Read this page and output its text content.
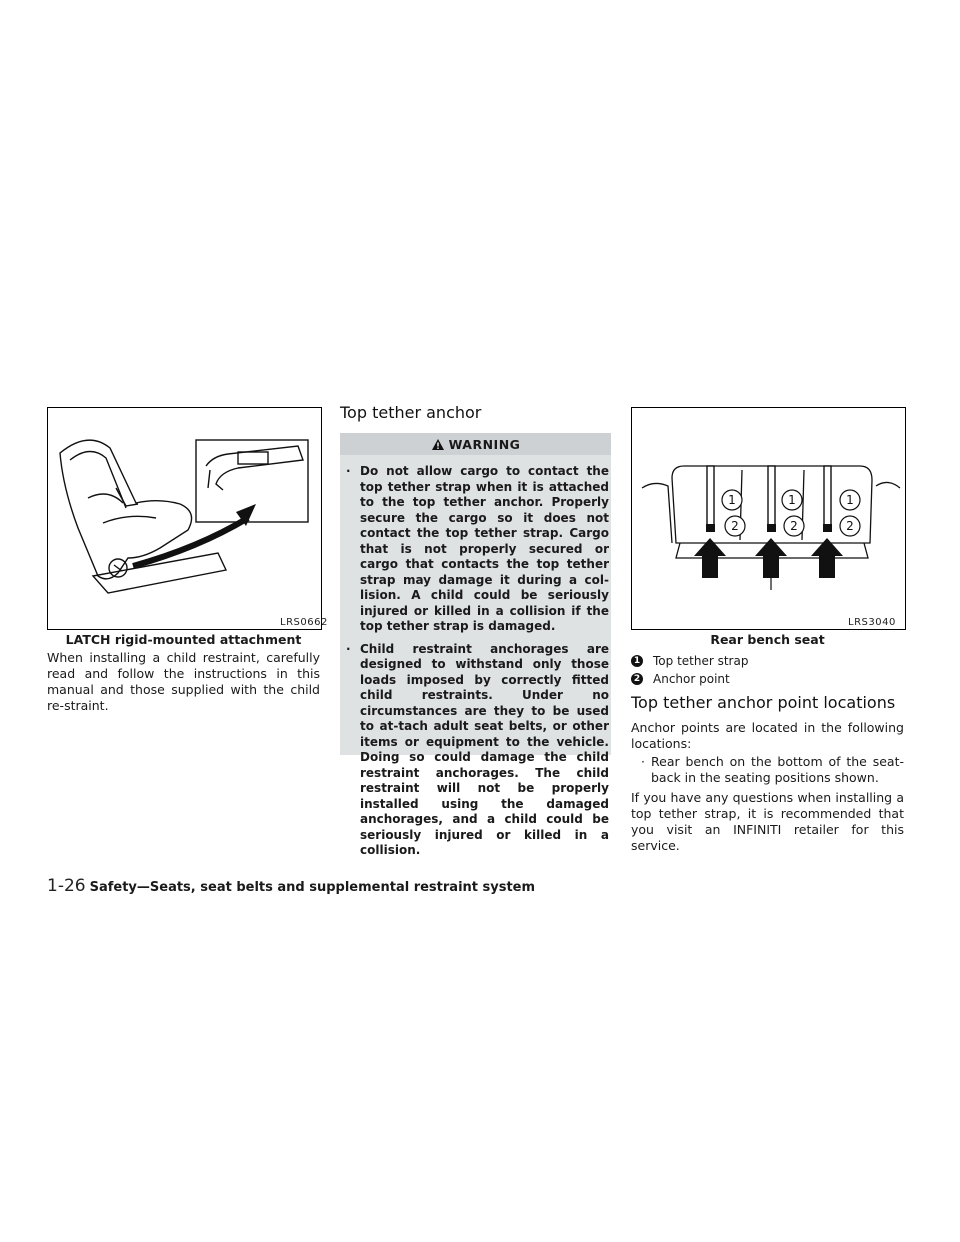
LRS0662
LATCH rigid-mounted attachment
When installing a child restraint, carefully read and follow the instructions in this manual and those supplied with the child re-straint.
Top tether anchor
WARNING
· Do not allow cargo to contact the top tether strap when it is attached to the top tether anchor. Properly secure the cargo so it does not contact the top tether strap. Cargo that is not properly secured or cargo that contacts the top tether strap may damage it during a col-lision. A child could be seriously injured or killed in a collision if the top tether strap is damaged.
· Child restraint anchorages are designed to withstand only those loads imposed by correctly fitted child restraints. Under no circumstances are they to be used to at-tach adult seat belts, or other items or equipment to the vehicle. Doing so could damage the child restraint anchorages. The child restraint will not be properly installed using the damaged anchorages, and a child could be seriously injured or killed in a collision.
1	1	1
2	2	2
LRS3040
Rear bench seat
1 Top tether strap
2 Anchor point
Top tether anchor point locations
Anchor points are located in the following locations:
· Rear bench on the bottom of the seat-back in the seating positions shown.
If you have any questions when installing a top tether strap, it is recommended that you visit an INFINITI retailer for this service.
1-26 Safety—Seats, seat belts and supplemental restraint system
